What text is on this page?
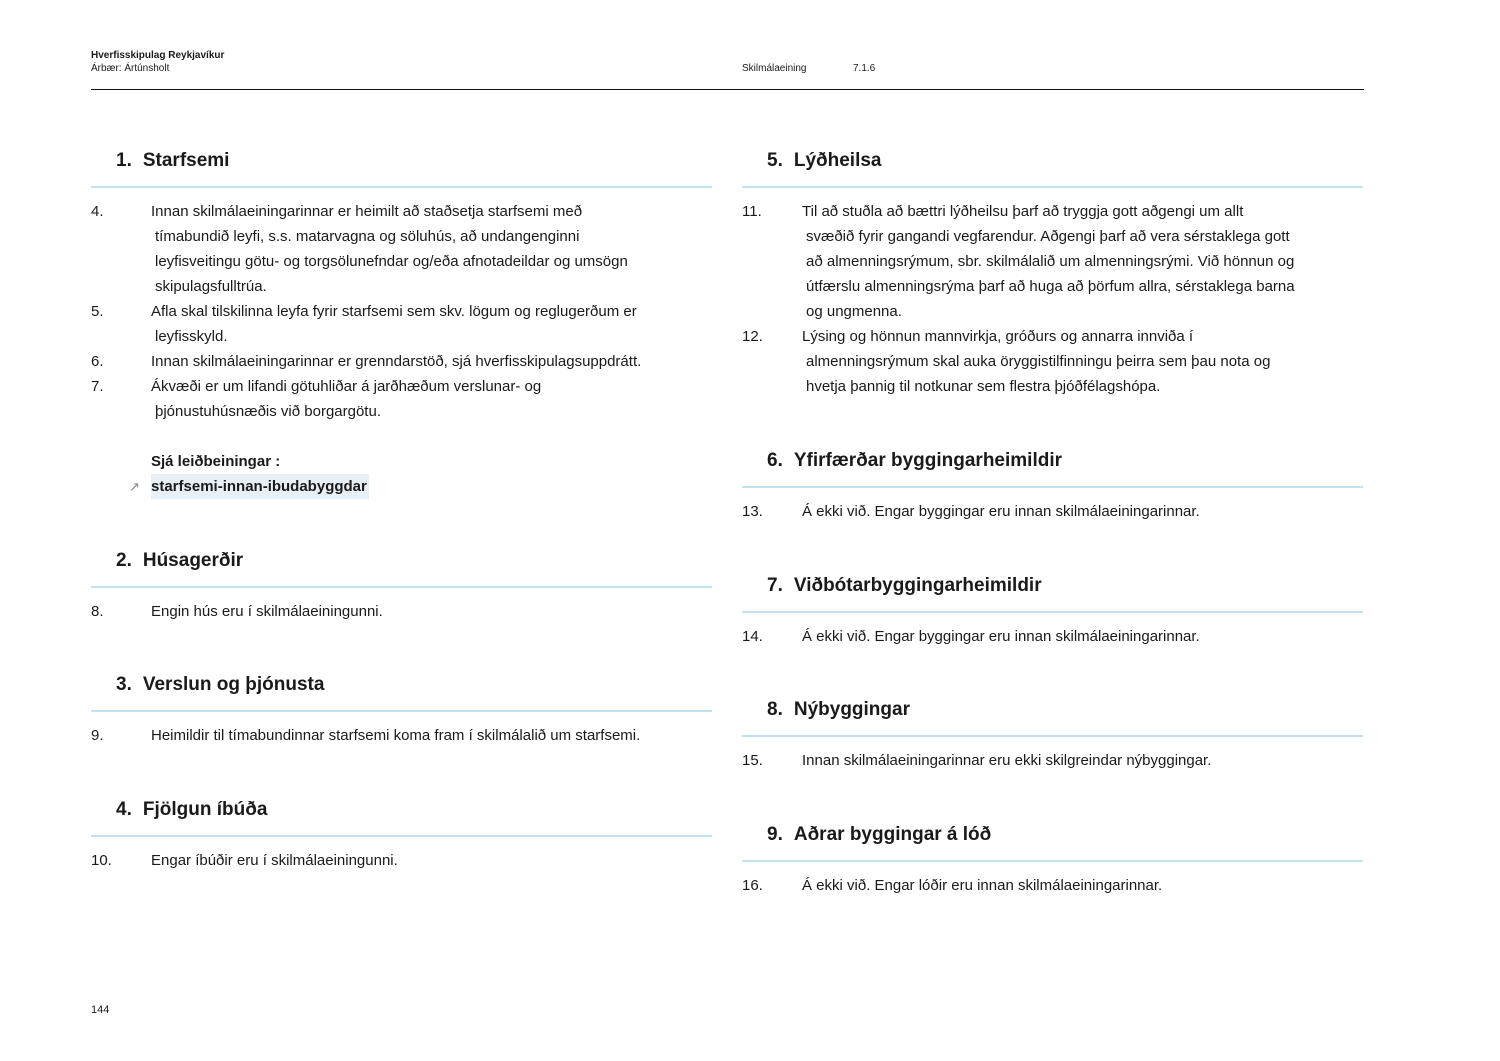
Hverfisskipulag Reykjavíkur
Árbær: Ártúnsholt	Skilmálaeining	7.1.6
1. Starfsemi
4.	Innan skilmálaeiningarinnar er heimilt að staðsetja starfsemi með
tímabundið leyfi, s.s. matarvagna og söluhús, að undangenginni
leyfisveitingu götu- og torgsölunefndar og/eða afnotadeildar og umsögn
skipulagsfulltrúa.
5.	Afla skal tilskilinna leyfa fyrir starfsemi sem skv. lögum og reglugerðum er
leyfisskyld.
6.	Innan skilmálaeiningarinnar er grenndarstöð, sjá hverfisskipulagsuppdrátt.
7.	Ákvæði er um lifandi götuhliðar á jarðhæðum verslunar- og
þjónustuhúsnæðis við borgargötu.
Sjá leiðbeiningar :
↗ starfsemi-innan-ibudabyggdar
2. Húsagerðir
8.	Engin hús eru í skilmálaeiningunni.
3. Verslun og þjónusta
9.	Heimildir til tímabundinnar starfsemi koma fram í skilmálalið um starfsemi.
4. Fjölgun íbúða
10.	Engar íbúðir eru í skilmálaeiningunni.
5. Lýðheilsa
11.	Til að stuðla að bættri lýðheilsu þarf að tryggja gott aðgengi um allt
svæðið fyrir gangandi vegfarendur. Aðgengi þarf að vera sérstaklega gott
að almenningsrýmum, sbr. skilmálalið um almenningsrými. Við hönnun og
útfærslu almenningsrýma þarf að huga að þörfum allra, sérstaklega barna
og ungmenna.
12.	Lýsing og hönnun mannvirkja, gróðurs og annarra innviða í
almenningsrýmum skal auka öryggistilfinningu þeirra sem þau nota og
hvetja þannig til notkunar sem flestra þjóðfélagshópa.
6. Yfirfærðar byggingarheimildir
13.	Á ekki við. Engar byggingar eru innan skilmálaeiningarinnar.
7. Viðbótarbyggingarheimildir
14.	Á ekki við. Engar byggingar eru innan skilmálaeiningarinnar.
8. Nýbyggingar
15.	Innan skilmálaeiningarinnar eru ekki skilgreindar nýbyggingar.
9. Aðrar byggingar á lóð
16.	Á ekki við. Engar lóðir eru innan skilmálaeiningarinnar.
144
